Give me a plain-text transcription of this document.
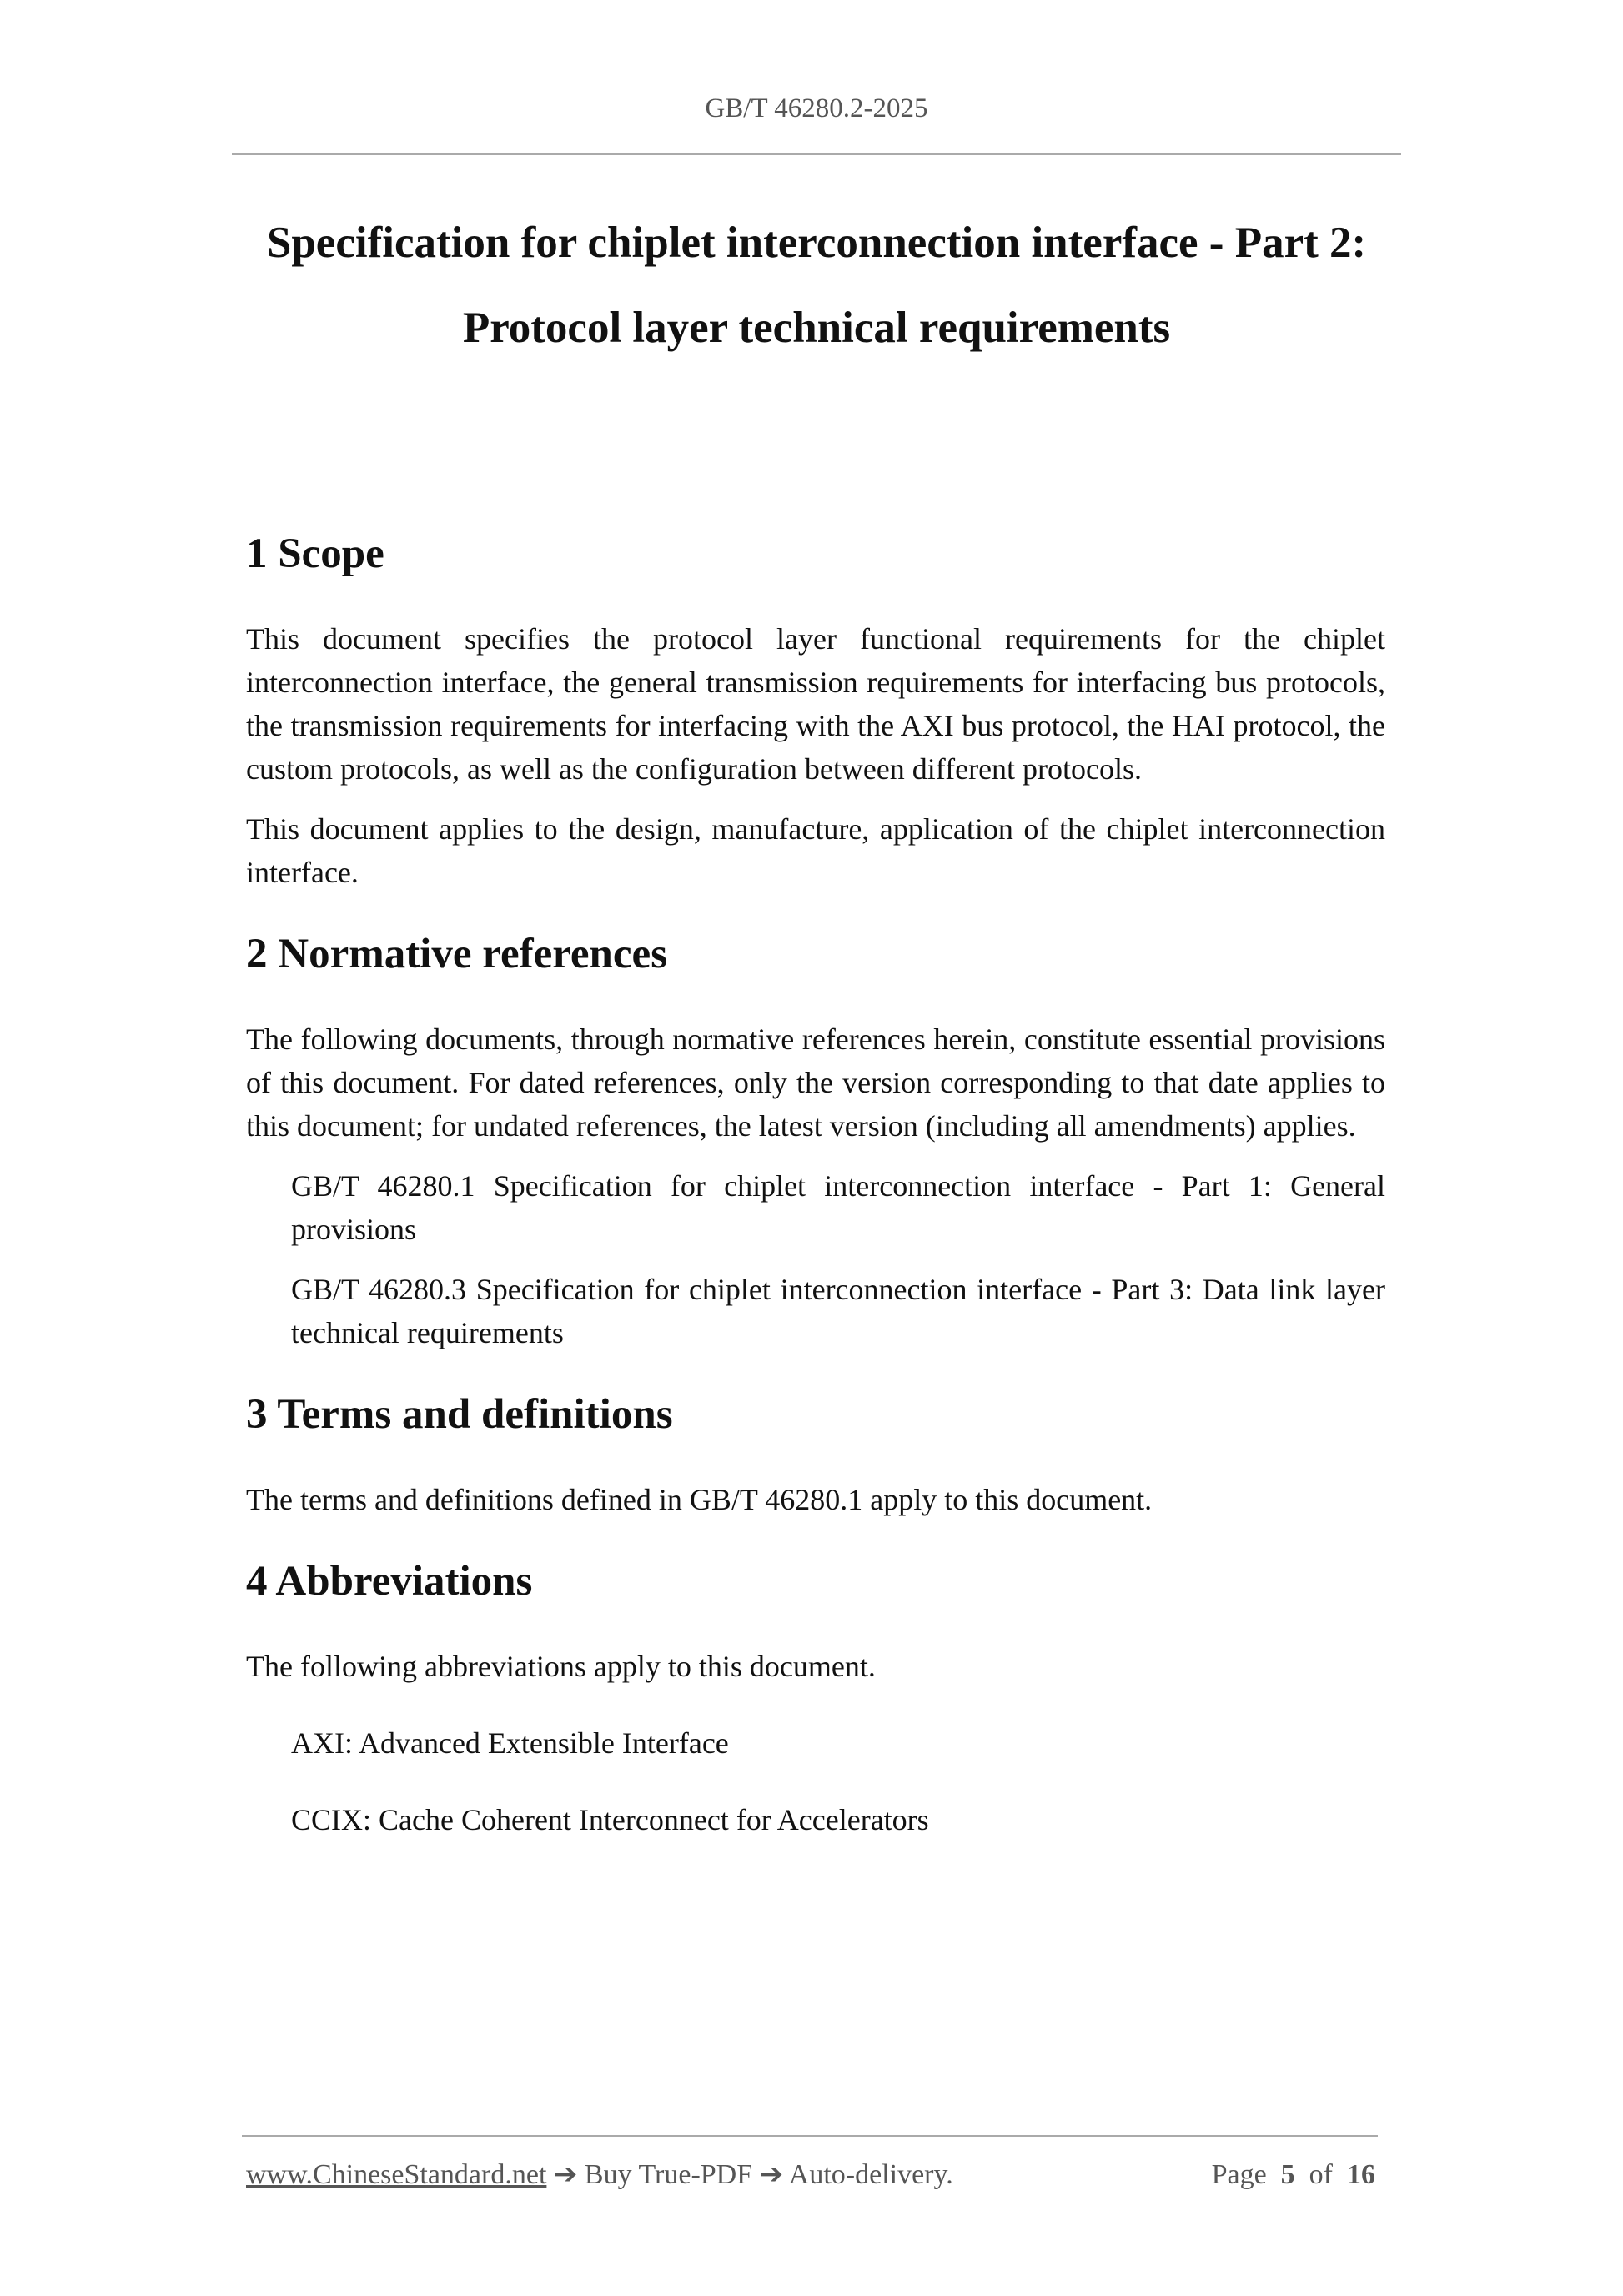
GB/T 46280.2-2025
Specification for chiplet interconnection interface - Part 2:
Protocol layer technical requirements
1 Scope

This document specifies the protocol layer functional requirements for the chiplet interconnection interface, the general transmission requirements for interfacing bus protocols, the transmission requirements for interfacing with the AXI bus protocol, the HAI protocol, the custom protocols, as well as the configuration between different protocols.

This document applies to the design, manufacture, application of the chiplet interconnection interface.

2 Normative references

The following documents, through normative references herein, constitute essential provisions of this document. For dated references, only the version corresponding to that date applies to this document; for undated references, the latest version (including all amendments) applies.

GB/T 46280.1 Specification for chiplet interconnection interface - Part 1: General provisions

GB/T 46280.3 Specification for chiplet interconnection interface - Part 3: Data link layer technical requirements

3 Terms and definitions

The terms and definitions defined in GB/T 46280.1 apply to this document.

4 Abbreviations

The following abbreviations apply to this document.

AXI: Advanced Extensible Interface

CCIX: Cache Coherent Interconnect for Accelerators

www.ChineseStandard.net ➔ Buy True-PDF ➔ Auto-delivery.	Page 5 of 16
